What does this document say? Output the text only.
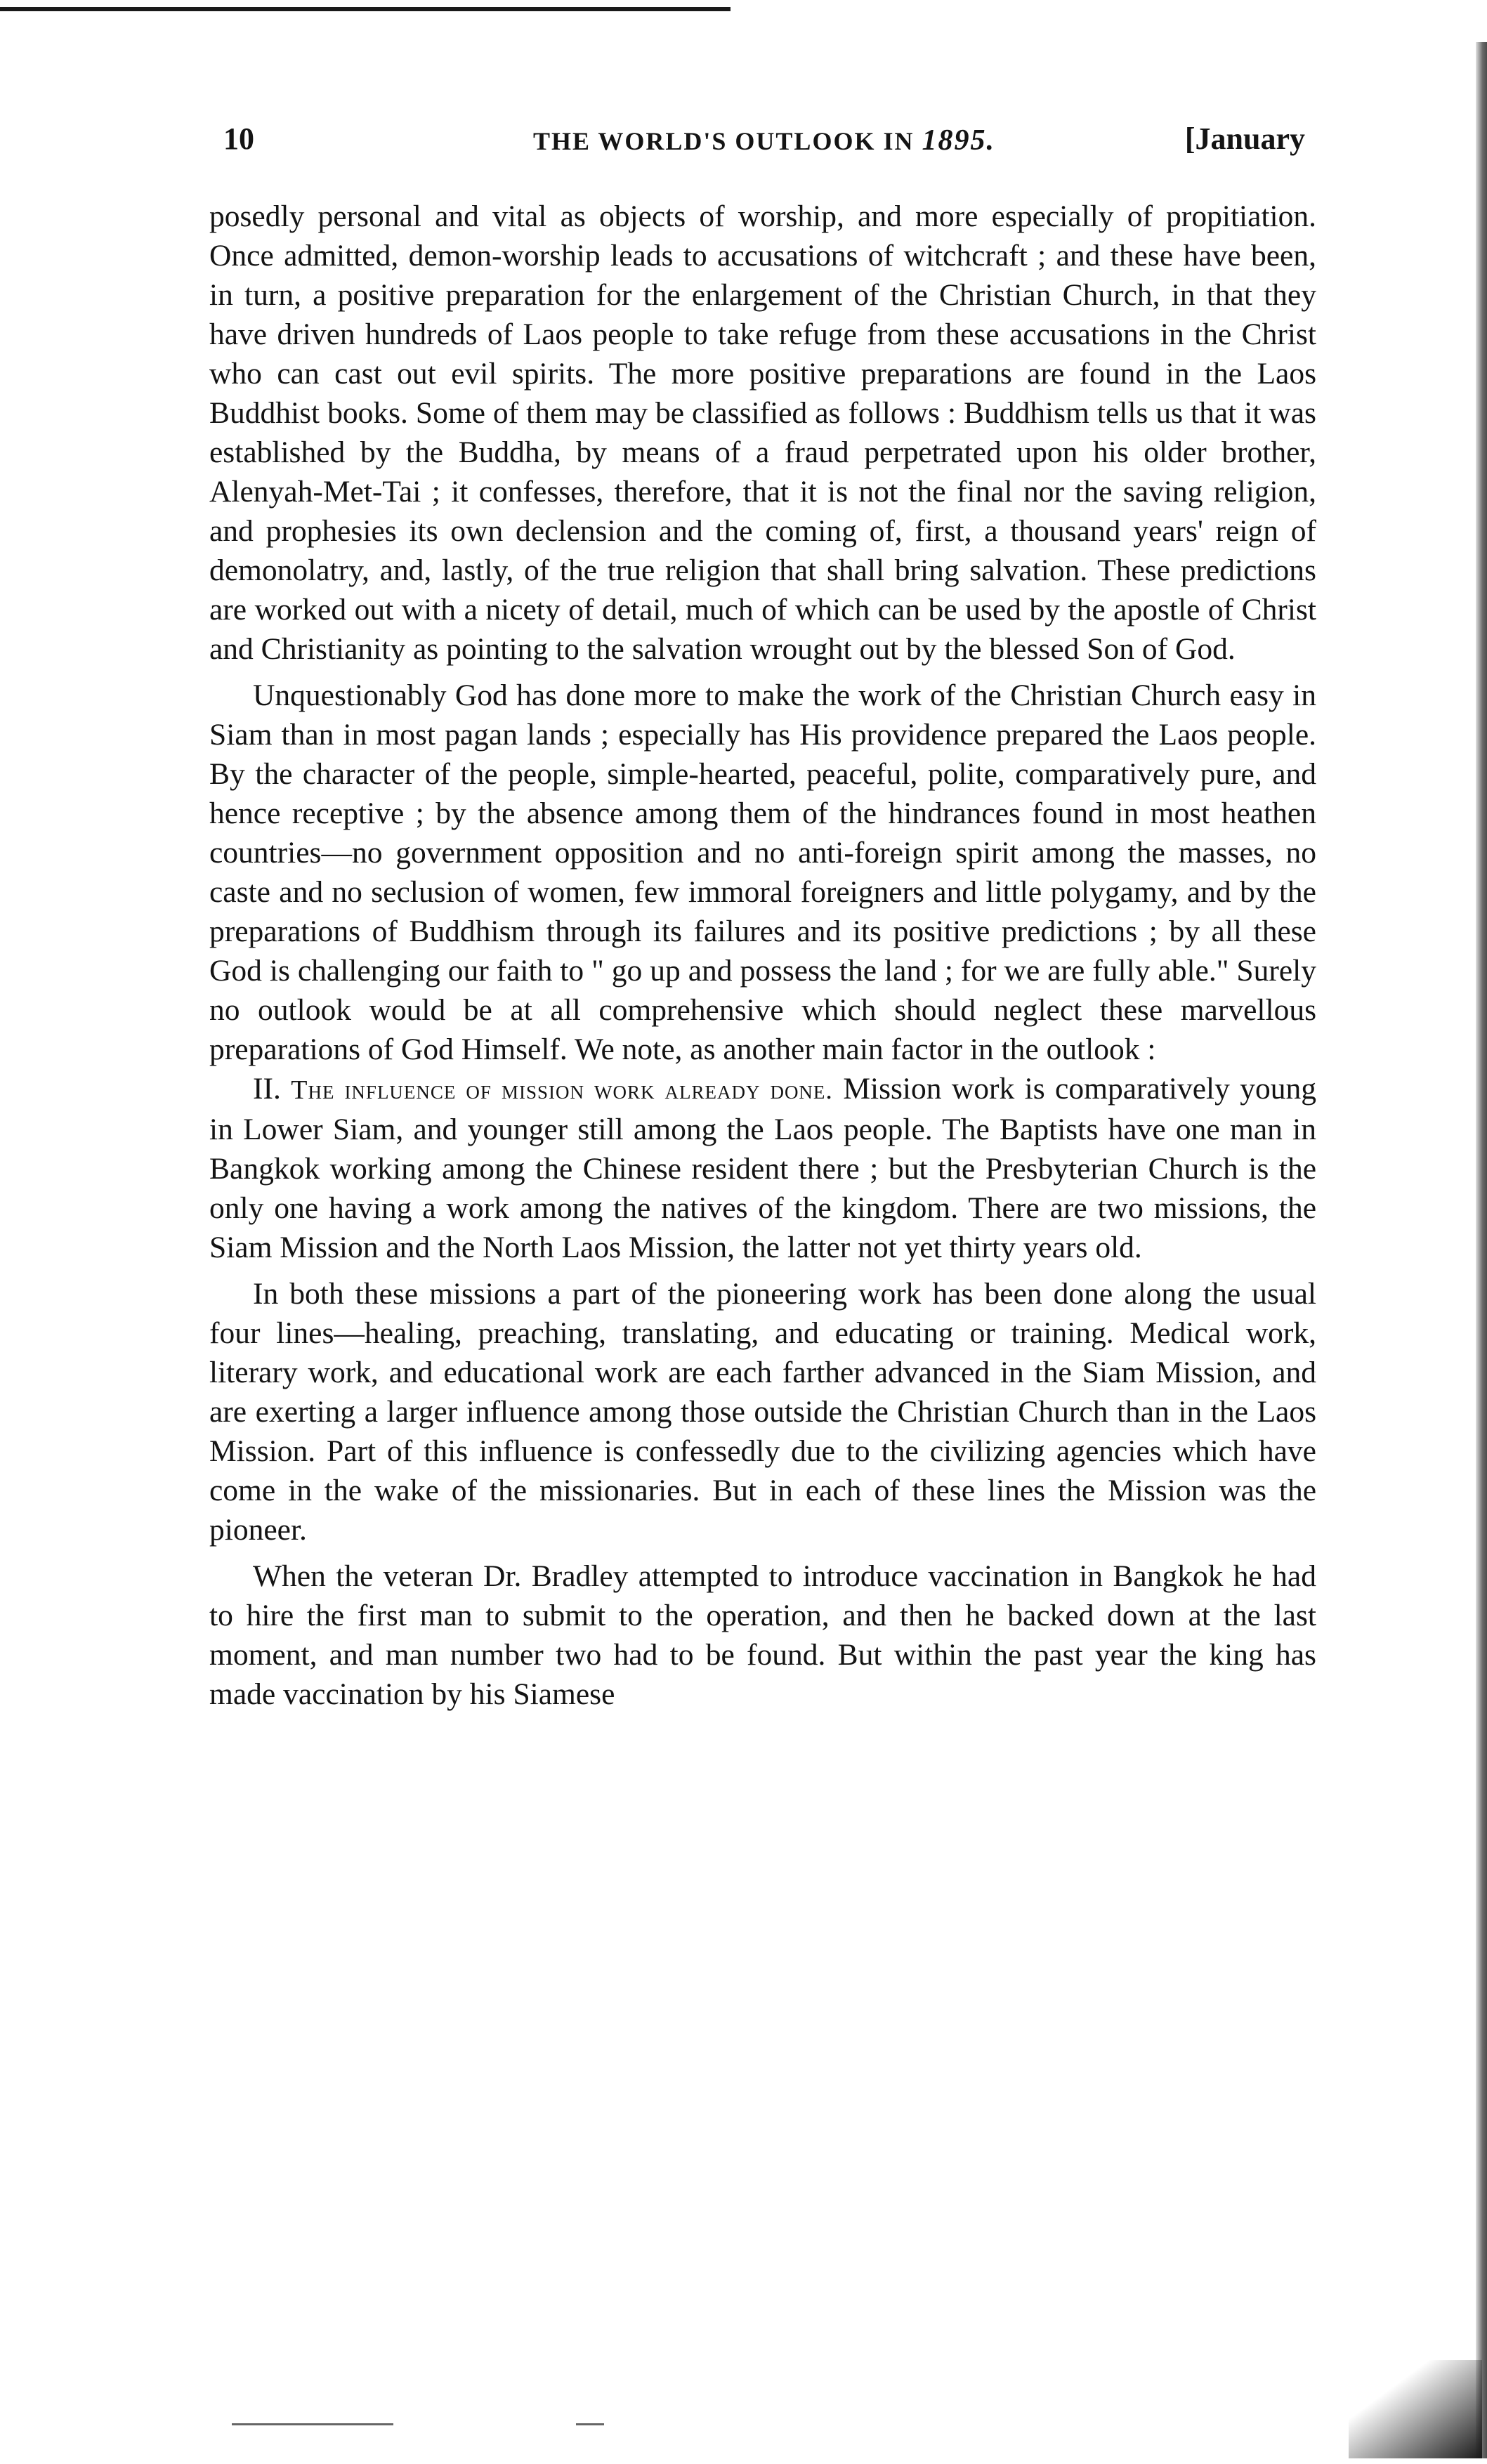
10	THE WORLD'S OUTLOOK IN 1895.	[January

posedly personal and vital as objects of worship, and more especially of propitiation. Once admitted, demon-worship leads to accusations of witchcraft ; and these have been, in turn, a positive preparation for the enlargement of the Christian Church, in that they have driven hundreds of Laos people to take refuge from these accusations in the Christ who can cast out evil spirits. The more positive preparations are found in the Laos Buddhist books. Some of them may be classified as follows : Buddhism tells us that it was established by the Buddha, by means of a fraud perpetrated upon his older brother, Alenyah-Met-Tai ; it confesses, therefore, that it is not the final nor the saving religion, and prophesies its own declension and the coming of, first, a thousand years' reign of demonolatry, and, lastly, of the true religion that shall bring salvation. These predictions are worked out with a nicety of detail, much of which can be used by the apostle of Christ and Christianity as pointing to the salvation wrought out by the blessed Son of God.

Unquestionably God has done more to make the work of the Christian Church easy in Siam than in most pagan lands ; especially has His providence prepared the Laos people. By the character of the people, simple-hearted, peaceful, polite, comparatively pure, and hence receptive ; by the absence among them of the hindrances found in most heathen countries—no government opposition and no anti-foreign spirit among the masses, no caste and no seclusion of women, few immoral foreigners and little polygamy, and by the preparations of Buddhism through its failures and its positive predictions ; by all these God is challenging our faith to " go up and possess the land ; for we are fully able." Surely no outlook would be at all comprehensive which should neglect these marvellous preparations of God Himself. We note, as another main factor in the outlook :

II. The influence of mission work already done. Mission work is comparatively young in Lower Siam, and younger still among the Laos people. The Baptists have one man in Bangkok working among the Chinese resident there ; but the Presbyterian Church is the only one having a work among the natives of the kingdom. There are two missions, the Siam Mission and the North Laos Mission, the latter not yet thirty years old.

In both these missions a part of the pioneering work has been done along the usual four lines—healing, preaching, translating, and educating or training. Medical work, literary work, and educational work are each farther advanced in the Siam Mission, and are exerting a larger influence among those outside the Christian Church than in the Laos Mission. Part of this influence is confessedly due to the civilizing agencies which have come in the wake of the missionaries. But in each of these lines the Mission was the pioneer.

When the veteran Dr. Bradley attempted to introduce vaccination in Bangkok he had to hire the first man to submit to the operation, and then he backed down at the last moment, and man number two had to be found. But within the past year the king has made vaccination by his Siamese
